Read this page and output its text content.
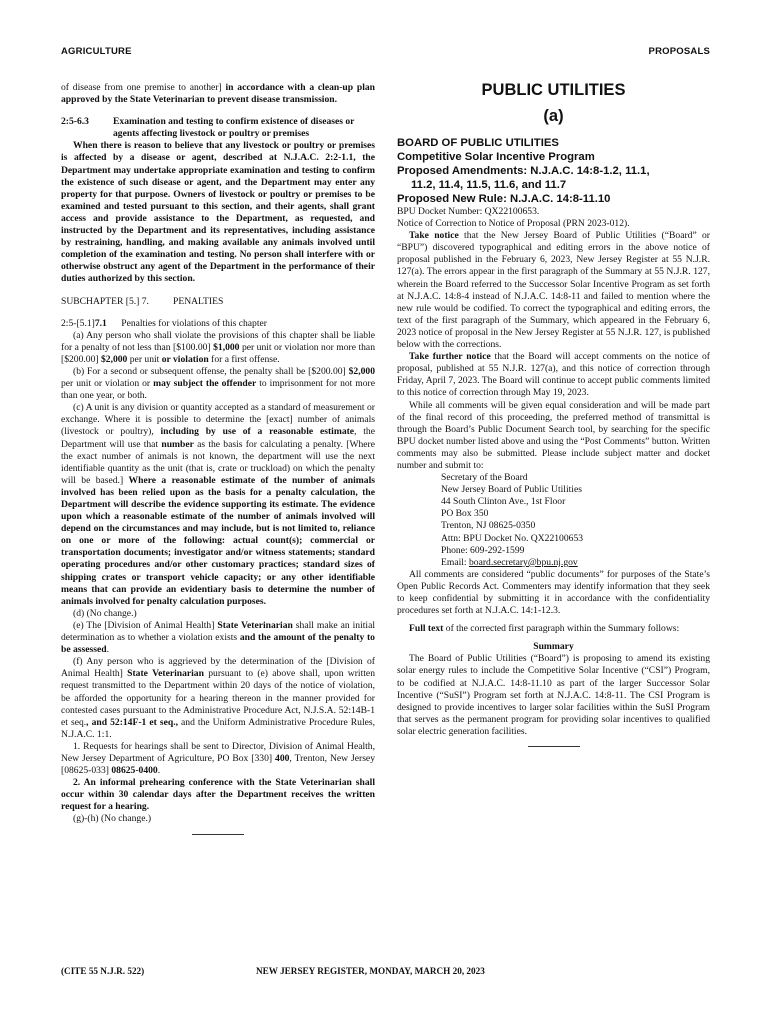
AGRICULTURE	PROPOSALS

of disease from one premise to another] in accordance with a clean-up plan approved by the State Veterinarian to prevent disease transmission.

2:5-6.3	Examination and testing to confirm existence of diseases or agents affecting livestock or poultry or premises

When there is reason to believe that any livestock or poultry or premises is affected by a disease or agent, described at N.J.A.C. 2:2-1.1, the Department may undertake appropriate examination and testing to confirm the existence of such disease or agent, and the Department may enter any property for that purpose. Owners of livestock or poultry or premises to be examined and tested pursuant to this section, and their agents, shall grant access and provide assistance to the Department, as requested, and instructed by the Department and its representatives, including assistance by restraining, handling, and making available any animals involved until completion of the examination and testing. No person shall interfere with or otherwise obstruct any agent of the Department in the performance of their duties authorized by this section.

SUBCHAPTER [5.] 7.	PENALTIES

2:5-[5.1]7.1 Penalties for violations of this chapter

(a) Any person who shall violate the provisions of this chapter shall be liable for a penalty of not less than [$100.00] $1,000 per unit or violation nor more than [$200.00] $2,000 per unit or violation for a first offense.

(b) For a second or subsequent offense, the penalty shall be [$200.00] $2,000 per unit or violation or may subject the offender to imprisonment for not more than one year, or both.

(c) A unit is any division or quantity accepted as a standard of measurement or exchange. Where it is possible to determine the [exact] number of animals (livestock or poultry), including by use of a reasonable estimate, the Department will use that number as the basis for calculating a penalty. [Where the exact number of animals is not known, the department will use the next identifiable quantity as the unit (that is, crate or truckload) on which the penalty will be based.] Where a reasonable estimate of the number of animals involved has been relied upon as the basis for a penalty calculation, the Department will describe the evidence supporting its estimate. The evidence upon which a reasonable estimate of the number of animals involved will depend on the circumstances and may include, but is not limited to, reliance on one or more of the following: actual count(s); commercial or transportation documents; investigator and/or witness statements; standard operating procedures and/or other customary practices; standard sizes of shipping crates or transport vehicle capacity; or any other identifiable means that can provide an evidentiary basis to determine the number of animals involved for penalty calculation purposes.

(d) (No change.)

(e) The [Division of Animal Health] State Veterinarian shall make an initial determination as to whether a violation exists and the amount of the penalty to be assessed.

(f) Any person who is aggrieved by the determination of the [Division of Animal Health] State Veterinarian pursuant to (e) above shall, upon written request transmitted to the Department within 20 days of the notice of violation, be afforded the opportunity for a hearing thereon in the manner provided for contested cases pursuant to the Administrative Procedure Act, N.J.S.A. 52:14B-1 et seq., and 52:14F-1 et seq., and the Uniform Administrative Procedure Rules, N.J.A.C. 1:1.

1. Requests for hearings shall be sent to Director, Division of Animal Health, New Jersey Department of Agriculture, PO Box [330] 400, Trenton, New Jersey [08625-033] 08625-0400.

2. An informal prehearing conference with the State Veterinarian shall occur within 30 calendar days after the Department receives the written request for a hearing.

(g)-(h) (No change.)

PUBLIC UTILITIES
(a)
BOARD OF PUBLIC UTILITIES
Competitive Solar Incentive Program
Proposed Amendments: N.J.A.C. 14:8-1.2, 11.1,
11.2, 11.4, 11.5, 11.6, and 11.7
Proposed New Rule: N.J.A.C. 14:8-11.10

BPU Docket Number: QX22100653.

Notice of Correction to Notice of Proposal (PRN 2023-012).

Take notice that the New Jersey Board of Public Utilities (“Board” or “BPU”) discovered typographical and editing errors in the above notice of proposal published in the February 6, 2023, New Jersey Register at 55 N.J.R. 127(a). The errors appear in the first paragraph of the Summary at 55 N.J.R. 127, wherein the Board referred to the Successor Solar Incentive Program as set forth at N.J.A.C. 14:8-4 instead of N.J.A.C. 14:8-11 and failed to mention where the new rule would be codified. To correct the typographical and editing errors, the text of the first paragraph of the Summary, which appeared in the February 6, 2023 notice of proposal in the New Jersey Register at 55 N.J.R. 127, is published below with the corrections.

Take further notice that the Board will accept comments on the notice of proposal, published at 55 N.J.R. 127(a), and this notice of correction through Friday, April 7, 2023. The Board will continue to accept public comments limited to this notice of correction through May 19, 2023.

While all comments will be given equal consideration and will be made part of the final record of this proceeding, the preferred method of transmittal is through the Board’s Public Document Search tool, by searching for the specific BPU docket number listed above and using the “Post Comments” button. Written comments may also be submitted. Please include subject matter and docket number and submit to:

Secretary of the Board
New Jersey Board of Public Utilities
44 South Clinton Ave., 1st Floor
PO Box 350
Trenton, NJ 08625-0350
Attn: BPU Docket No. QX22100653
Phone: 609-292-1599
Email: board.secretary@bpu.nj.gov

All comments are considered “public documents” for purposes of the State’s Open Public Records Act. Commenters may identify information that they seek to keep confidential by submitting it in accordance with the confidentiality procedures set forth at N.J.A.C. 14:1-12.3.

Full text of the corrected first paragraph within the Summary follows:

Summary

The Board of Public Utilities (“Board”) is proposing to amend its existing solar energy rules to include the Competitive Solar Incentive (“CSI”) Program, to be codified at N.J.A.C. 14:8-11.10 as part of the larger Successor Solar Incentive (“SuSI”) Program set forth at N.J.A.C. 14:8-11. The CSI Program is designed to provide incentives to larger solar facilities within the SuSI Program that serves as the permanent program for providing solar incentives to qualified solar electric generation facilities.

(CITE 55 N.J.R. 522)	NEW JERSEY REGISTER, MONDAY, MARCH 20, 2023
